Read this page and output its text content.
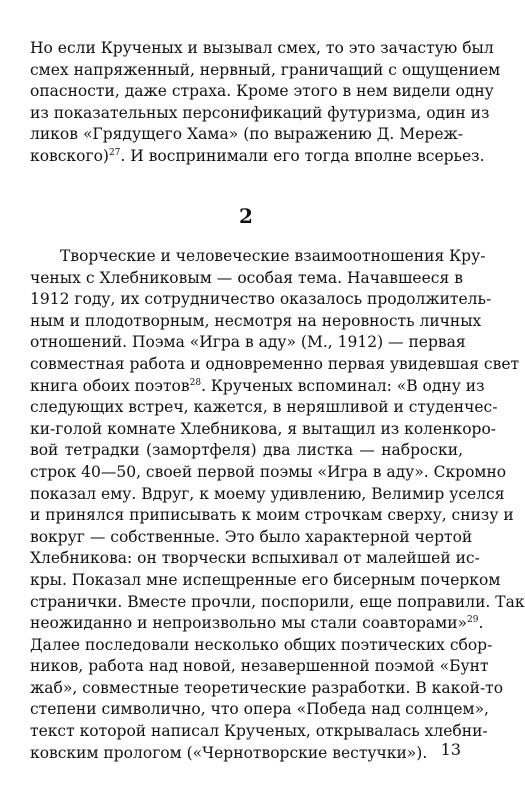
Но если Крученых и вызывал смех, то это зачастую был
смех напряженный, нервный, граничащий с ощущением
опасности, даже страха. Кроме этого в нем видели одну
из показательных персонификаций футуризма, один из
ликов «Грядущего Хама» (по выражению Д. Мереж-
ковского)$^{27}$. И воспринимали его тогда вполне всерьез.
2
Творческие и человеческие взаимоотношения Кру-
ченых с Хлебниковым — особая тема. Начавшееся в
1912 году, их сотрудничество оказалось продолжитель-
ным и плодотворным, несмотря на неровность личных
отношений. Поэма «Игра в аду» (М., 1912) — первая
совместная работа и одновременно первая увидевшая свет
книга обоих поэтов$^{28}$. Крученых вспоминал: «В одну из
следующих встреч, кажется, в неряшливой и студенчес-
ки-голой комнате Хлебникова, я вытащил из коленкоро-
вой тетрадки (замортфеля) два листка — наброски,
строк 40—50, своей первой поэмы «Игра в аду». Скромно
показал ему. Вдруг, к моему удивлению, Велимир уселся
и принялся приписывать к моим строчкам сверху, снизу и
вокруг — собственные. Это было характерной чертой
Хлебникова: он творчески вспыхивал от малейшей ис-
кры. Показал мне испещренные его бисерным почерком
странички. Вместе прочли, поспорили, еще поправили. Так
неожиданно и непроизвольно мы стали соавторами»$^{29}$.
Далее последовали несколько общих поэтических сбор-
ников, работа над новой, незавершенной поэмой «Бунт
жаб», совместные теоретические разработки. В какой-то
степени символично, что опера «Победа над солнцем»,
текст которой написал Крученых, открывалась хлебни-
ковским прологом («Чернотворские вестучки»). 13
